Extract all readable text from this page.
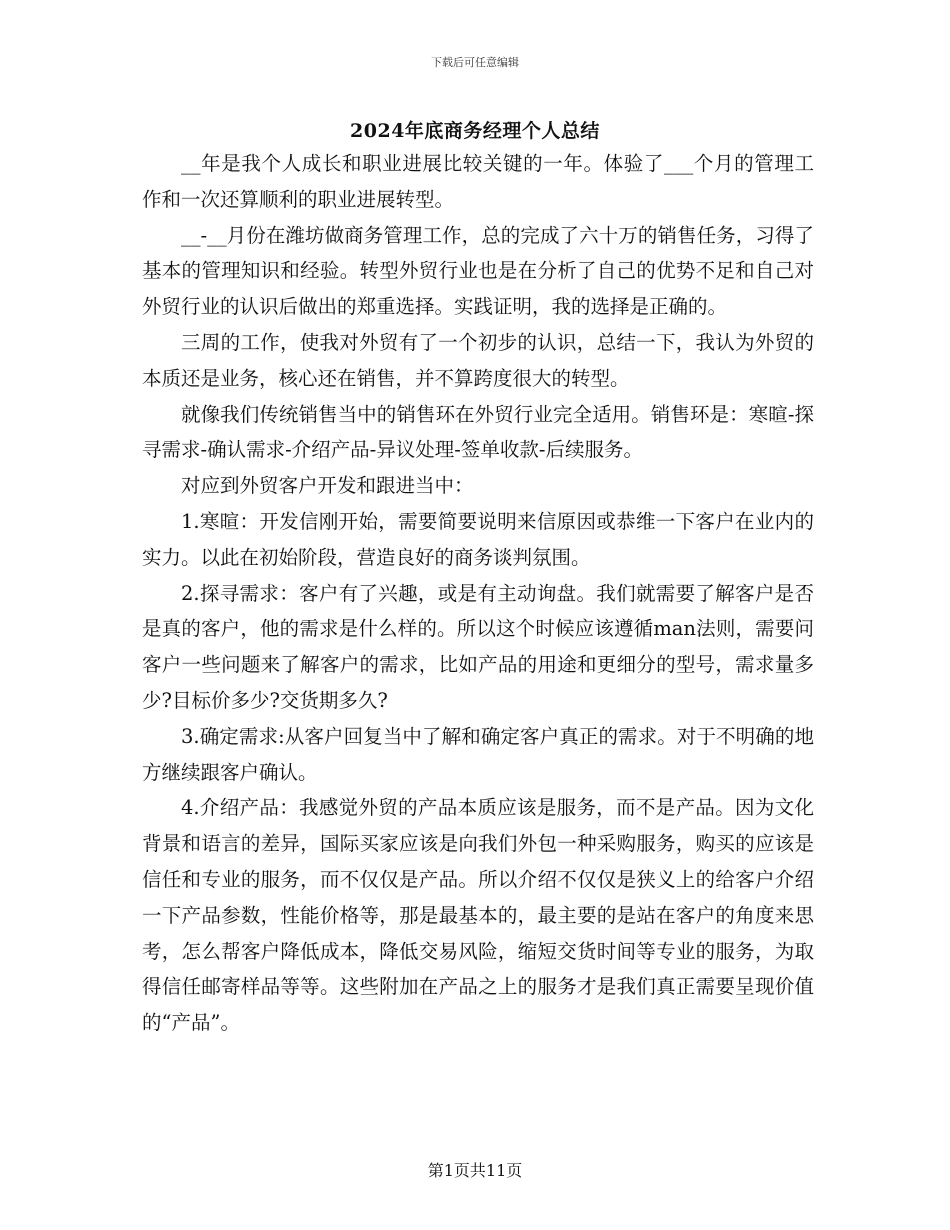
下载后可任意编辑
2024年底商务经理个人总结

__年是我个人成长和职业进展比较关键的一年。体验了___个月的管理工作和一次还算顺利的职业进展转型。

__-__月份在潍坊做商务管理工作，总的完成了六十万的销售任务，习得了基本的管理知识和经验。转型外贸行业也是在分析了自己的优势不足和自己对外贸行业的认识后做出的郑重选择。实践证明，我的选择是正确的。

三周的工作，使我对外贸有了一个初步的认识，总结一下，我认为外贸的本质还是业务，核心还在销售，并不算跨度很大的转型。

就像我们传统销售当中的销售环在外贸行业完全适用。销售环是：寒暄-探寻需求-确认需求-介绍产品-异议处理-签单收款-后续服务。

对应到外贸客户开发和跟进当中：

1.寒暄：开发信刚开始，需要简要说明来信原因或恭维一下客户在业内的实力。以此在初始阶段，营造良好的商务谈判氛围。

2.探寻需求：客户有了兴趣，或是有主动询盘。我们就需要了解客户是否是真的客户，他的需求是什么样的。所以这个时候应该遵循man法则，需要问客户一些问题来了解客户的需求，比如产品的用途和更细分的型号，需求量多少?目标价多少?交货期多久?

3.确定需求:从客户回复当中了解和确定客户真正的需求。对于不明确的地方继续跟客户确认。

4.介绍产品：我感觉外贸的产品本质应该是服务，而不是产品。因为文化背景和语言的差异，国际买家应该是向我们外包一种采购服务，购买的应该是信任和专业的服务，而不仅仅是产品。所以介绍不仅仅是狭义上的给客户介绍一下产品参数，性能价格等，那是最基本的，最主要的是站在客户的角度来思考，怎么帮客户降低成本，降低交易风险，缩短交货时间等专业的服务，为取得信任邮寄样品等等。这些附加在产品之上的服务才是我们真正需要呈现价值的“产品”。

第1页共11页
